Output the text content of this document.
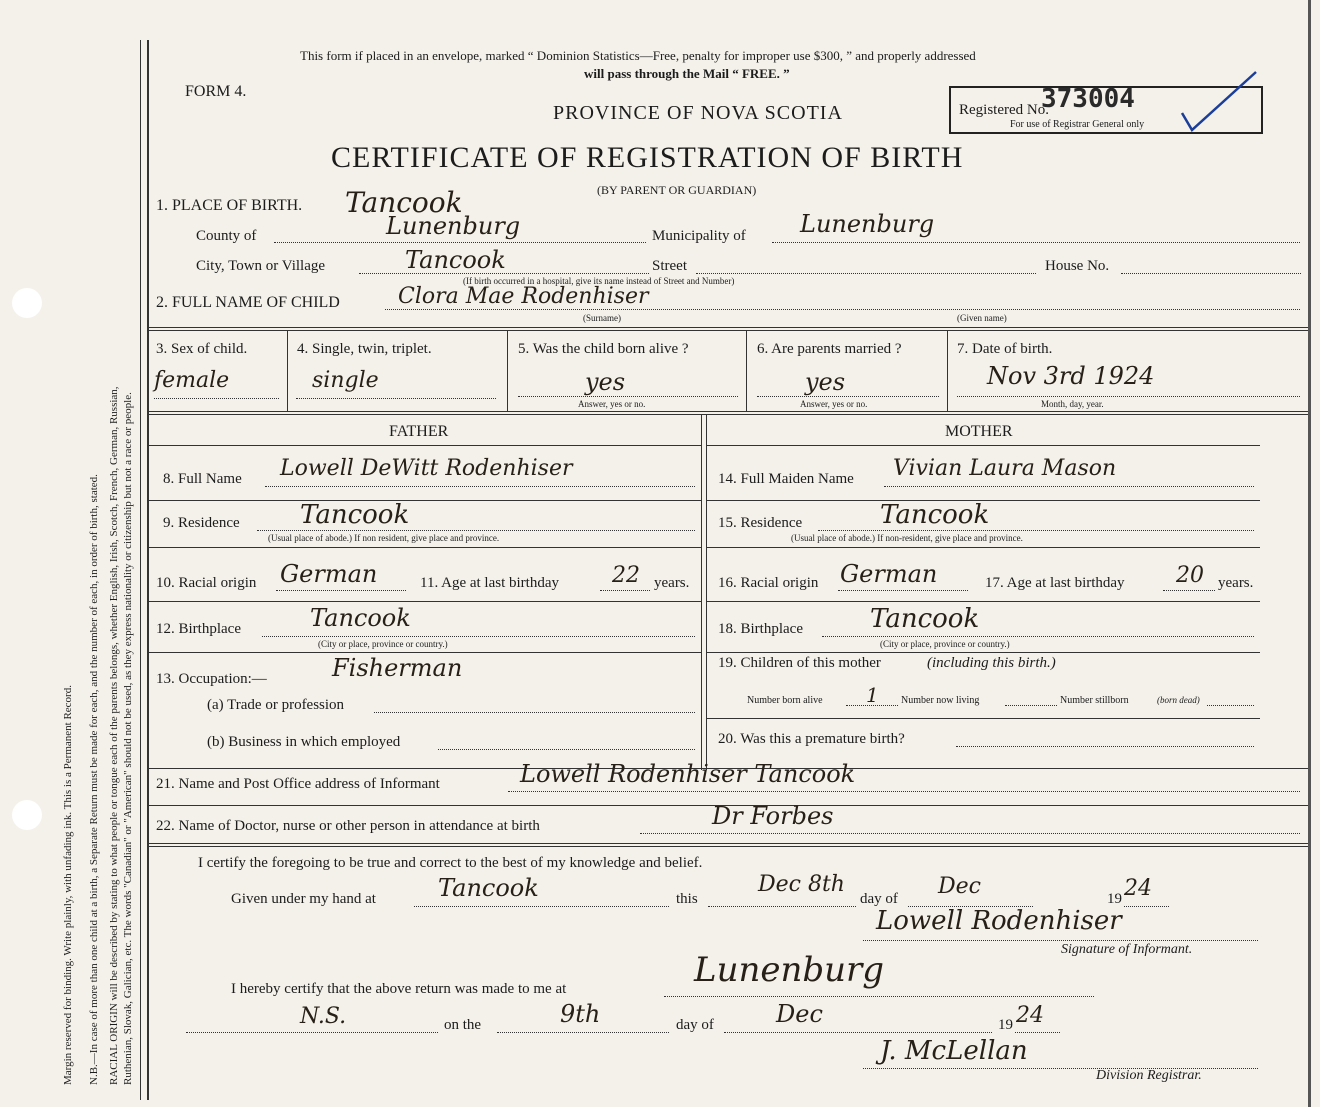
Margin reserved for binding. Write plainly, with unfading ink. This is a Permanent Record. N.B.—In case of more than one child at a birth, a Separate Return must be made for each, and the number of each, in order of birth, stated. RACIAL ORIGIN will be described by stating to what people or tongue each of the parents belongs, whether English, Irish, Scotch, French, German, Russian, Ruthenian, Slovak, Galician, etc. The words "Canadian" or "American" should not be used, as they express nationality or citizenship but not a race or people.
This form if placed in an envelope, marked “ Dominion Statistics—Free, penalty for improper use $300, ” and properly addressed
will pass through the Mail “ FREE. ”
FORM 4.
PROVINCE OF NOVA SCOTIA
CERTIFICATE OF REGISTRATION OF BIRTH
(BY PARENT OR GUARDIAN)
Registered No.
373004
For use of Registrar General only
1. PLACE OF BIRTH. Tancook
County of	Lunenburg	Municipality of Lunenburg
City, Town or Village	Tancook	Street	House No.
(If birth occurred in a hospital, give its name instead of Street and Number)
2. FULL NAME OF CHILD	Clora Mae Rodenhiser
(Surname)	(Given name)
3. Sex of child.
female
4. Single, twin, triplet.
single
5. Was the child born alive ?
yes
Answer, yes or no.
6. Are parents married ?
yes
Answer, yes or no.
7. Date of birth.
Nov 3rd 1924
Month, day, year.
FATHER	MOTHER
8. Full Name Lowell DeWitt Rodenhiser
9. Residence Tancook
(Usual place of abode.) If non resident, give place and province.
10. Racial origin German	11. Age at last birthday 22 years.
12. Birthplace	Tancook
(City or place, province or country.)
13. Occupation:—	Fisherman
(a) Trade or profession
(b) Business in which employed
14. Full Maiden Name Vivian Laura Mason
15. Residence	Tancook
(Usual place of abode.) If non-resident, give place and province.
16. Racial origin German	17. Age at last birthday 20 years.
18. Birthplace	Tancook
(City or place, province or country.)
19. Children of this mother	(including this birth.)
Number born alive 1 Number now living	Number stillborn	(born dead)
20. Was this a premature birth?
21. Name and Post Office address of Informant	Lowell Rodenhiser Tancook
22. Name of Doctor, nurse or other person in attendance at birth	Dr Forbes
I certify the foregoing to be true and correct to the best of my knowledge and belief.
Given under my hand at	Tancook	this
Dec 8th
day of Dec	19 24
Lowell Rodenhiser
Signature of Informant.
I hereby certify that the above return was made to me at	Lunenburg
N.S.	on the	9th	day of	Dec	19 24
J. McLellan
Division Registrar.
